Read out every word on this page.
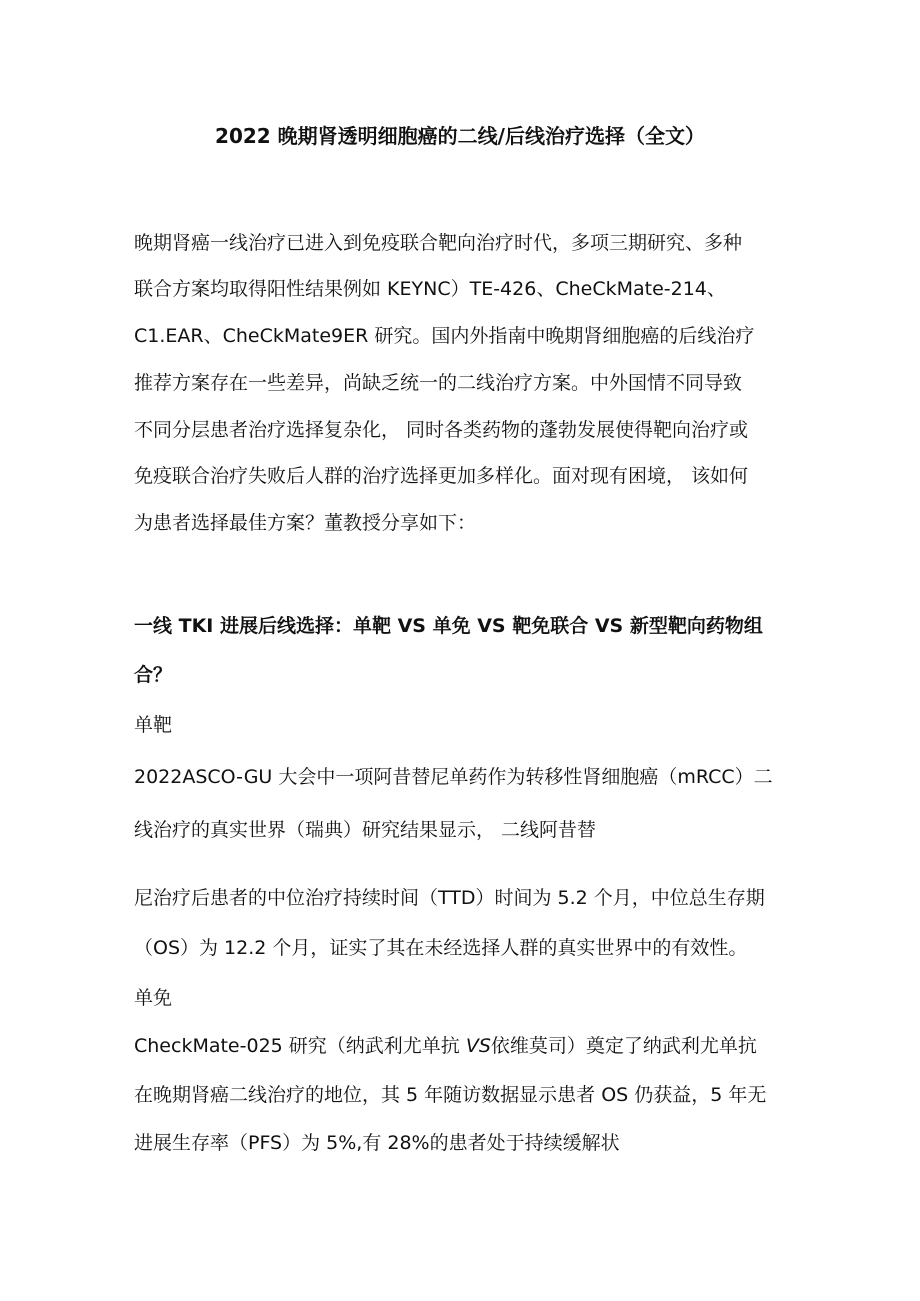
2022 晚期肾透明细胞癌的二线/后线治疗选择（全文）
晚期肾癌一线治疗已进入到免疫联合靶向治疗时代，多项三期研究、多种
联合方案均取得阳性结果例如 KEYNC）TE-426、CheCkMate-214、
C1.EAR、CheCkMate9ER 研究。国内外指南中晚期肾细胞癌的后线治疗
推荐方案存在一些差异，尚缺乏统一的二线治疗方案。中外国情不同导致
不同分层患者治疗选择复杂化， 同时各类药物的蓬勃发展使得靶向治疗或
免疫联合治疗失败后人群的治疗选择更加多样化。面对现有困境， 该如何
为患者选择最佳方案？董教授分享如下：
一线 TKI 进展后线选择：单靶 VS 单免 VS 靶免联合 VS 新型靶向药物组
合？
单靶
2022ASCO-GU 大会中一项阿昔替尼单药作为转移性肾细胞癌（mRCC）二
线治疗的真实世界（瑞典）研究结果显示， 二线阿昔替
尼治疗后患者的中位治疗持续时间（TTD）时间为 5.2 个月，中位总生存期
（OS）为 12.2 个月，证实了其在未经选择人群的真实世界中的有效性。
单免
CheckMate-025 研究（纳武利尤单抗 VS依维莫司）奠定了纳武利尤单抗
在晚期肾癌二线治疗的地位，其 5 年随访数据显示患者 OS 仍获益，5 年无
进展生存率（PFS）为 5%,有 28%的患者处于持续缓解状
